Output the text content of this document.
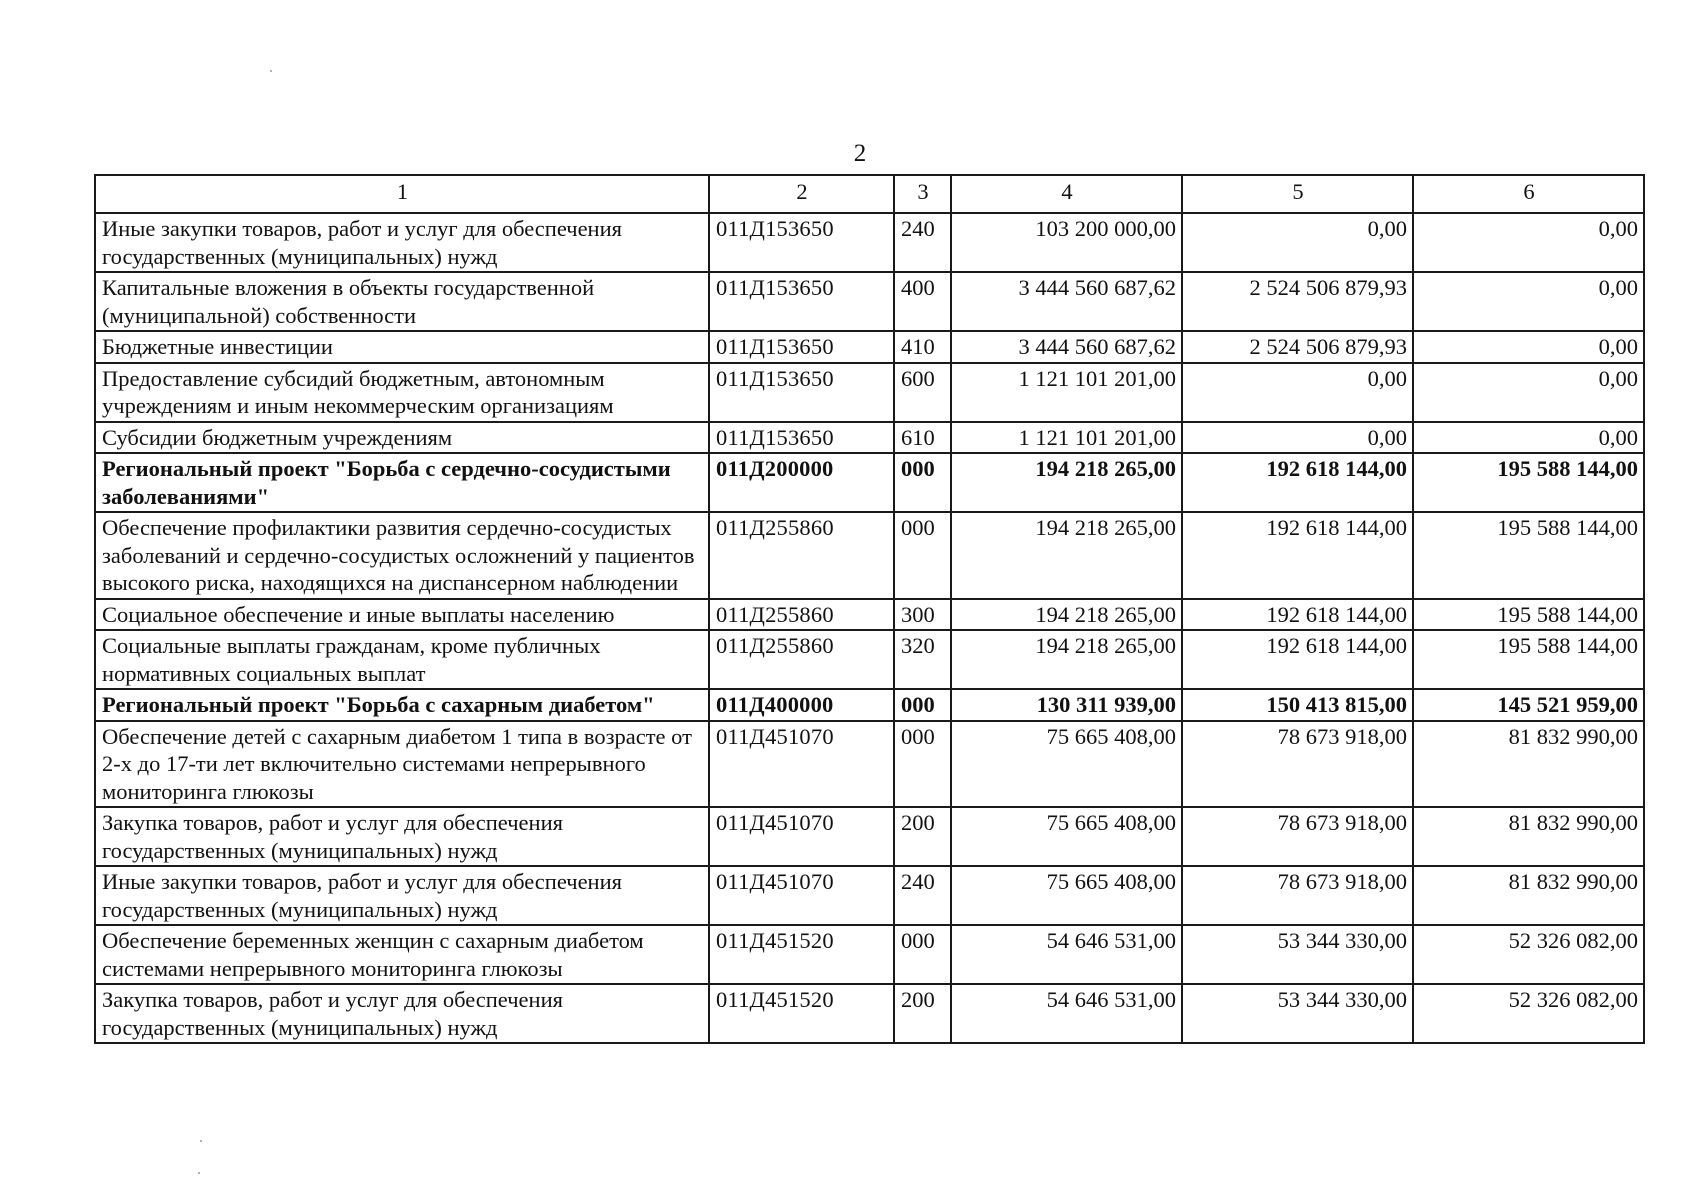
2
1	2	3	4	5	6
Иные закупки товаров, работ и услуг для обеспечения государственных (муниципальных) нужд	011Д153650	240	103 200 000,00	0,00	0,00
Капитальные вложения в объекты государственной (муниципальной) собственности	011Д153650	400	3 444 560 687,62	2 524 506 879,93	0,00
Бюджетные инвестиции	011Д153650	410	3 444 560 687,62	2 524 506 879,93	0,00
Предоставление субсидий бюджетным, автономным учреждениям и иным некоммерческим организациям	011Д153650	600	1 121 101 201,00	0,00	0,00
Субсидии бюджетным учреждениям	011Д153650	610	1 121 101 201,00	0,00	0,00
Региональный проект "Борьба с сердечно-сосудистыми заболеваниями"	011Д200000	000	194 218 265,00	192 618 144,00	195 588 144,00
Обеспечение профилактики развития сердечно-сосудистых заболеваний и сердечно-сосудистых осложнений у пациентов высокого риска, находящихся на диспансерном наблюдении	011Д255860	000	194 218 265,00	192 618 144,00	195 588 144,00
Социальное обеспечение и иные выплаты населению	011Д255860	300	194 218 265,00	192 618 144,00	195 588 144,00
Социальные выплаты гражданам, кроме публичных нормативных социальных выплат	011Д255860	320	194 218 265,00	192 618 144,00	195 588 144,00
Региональный проект "Борьба с сахарным диабетом"	011Д400000	000	130 311 939,00	150 413 815,00	145 521 959,00
Обеспечение детей с сахарным диабетом 1 типа в возрасте от 2-х до 17-ти лет включительно системами непрерывного мониторинга глюкозы	011Д451070	000	75 665 408,00	78 673 918,00	81 832 990,00
Закупка товаров, работ и услуг для обеспечения государственных (муниципальных) нужд	011Д451070	200	75 665 408,00	78 673 918,00	81 832 990,00
Иные закупки товаров, работ и услуг для обеспечения государственных (муниципальных) нужд	011Д451070	240	75 665 408,00	78 673 918,00	81 832 990,00
Обеспечение беременных женщин с сахарным диабетом системами непрерывного мониторинга глюкозы	011Д451520	000	54 646 531,00	53 344 330,00	52 326 082,00
Закупка товаров, работ и услуг для обеспечения государственных (муниципальных) нужд	011Д451520	200	54 646 531,00	53 344 330,00	52 326 082,00
